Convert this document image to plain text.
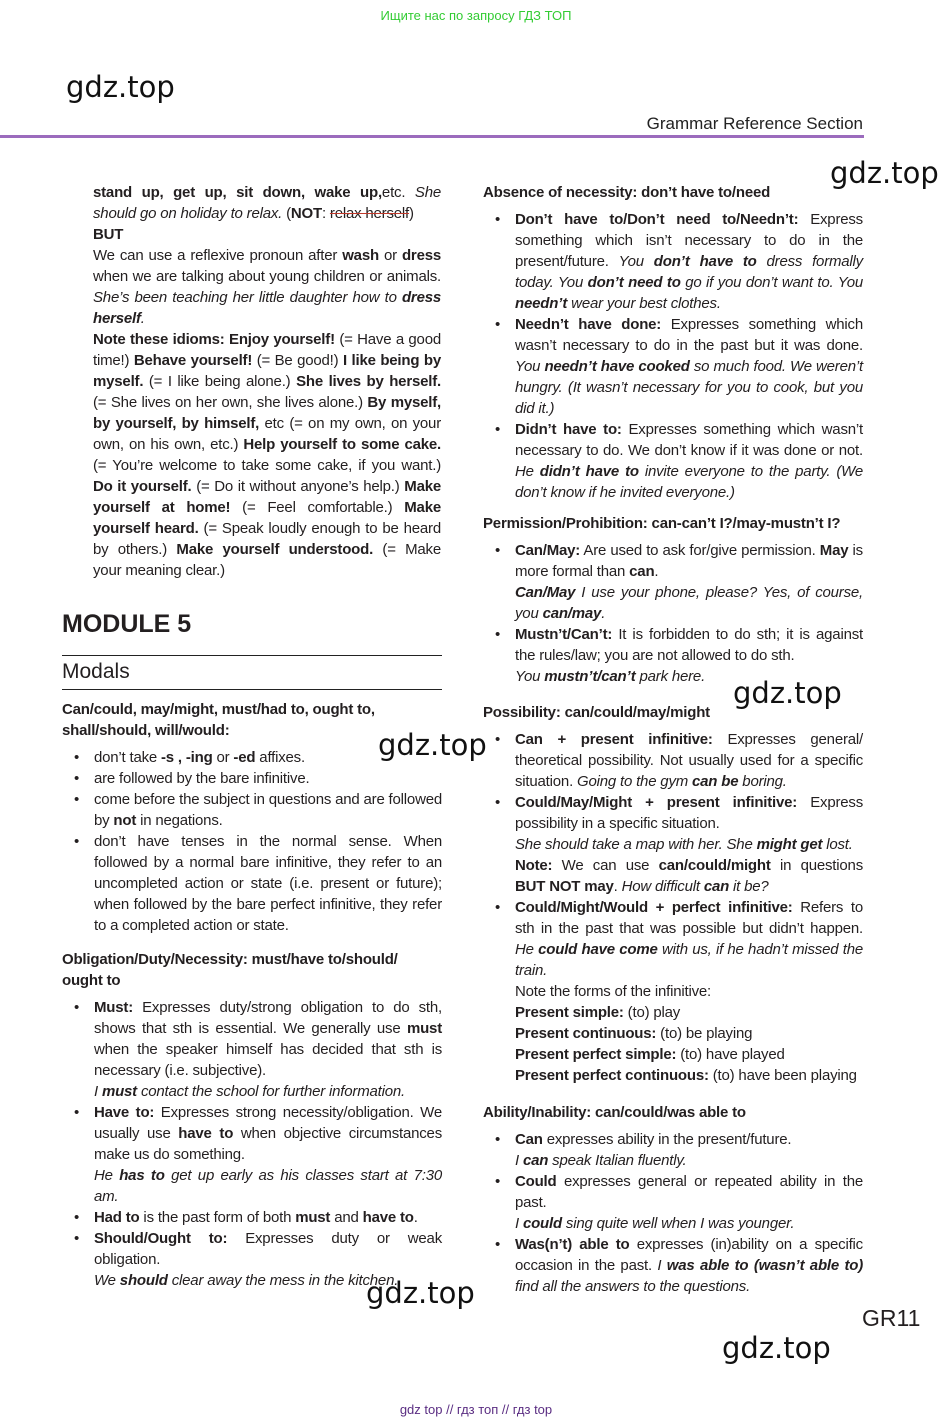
Ищите нас по запросу ГДЗ ТОП
gdz.top
Grammar Reference Section
stand up, get up, sit down, wake up,etc. She should go on holiday to relax. (NOT: relax herself)
BUT
We can use a reflexive pronoun after wash or dress when we are talking about young children or animals. She’s been teaching her little daughter how to dress herself.
Note these idioms: Enjoy yourself! (= Have a good time!) Behave yourself! (= Be good!) I like being by myself. (= I like being alone.) She lives by herself. (= She lives on her own, she lives alone.) By myself, by yourself, by himself, etc (= on my own, on your own, on his own, etc.) Help yourself to some cake. (= You’re welcome to take some cake, if you want.) Do it yourself. (= Do it without anyone’s help.) Make yourself at home! (= Feel comfortable.) Make yourself heard. (= Speak loudly enough to be heard by others.) Make yourself understood. (= Make your meaning clear.)
MODULE 5
Modals
Can/could, may/might, must/had to, ought to, shall/should, will/would:
• don’t take -s , -ing or -ed affixes.
• are followed by the bare infinitive.
• come before the subject in questions and are followed by not in negations.
• don’t have tenses in the normal sense. When followed by a normal bare infinitive, they refer to an uncompleted action or state (i.e. present or future); when followed by the bare perfect infinitive, they refer to a completed action or state.
Obligation/Duty/Necessity: must/have to/should/ ought to
• Must: Expresses duty/strong obligation to do sth, shows that sth is essential. We generally use must when the speaker himself has decided that sth is necessary (i.e. subjective).
I must contact the school for further information.
• Have to: Expresses strong necessity/obligation. We usually use have to when objective circumstances make us do something.
He has to get up early as his classes start at 7:30 am.
• Had to is the past form of both must and have to.
• Should/Ought to: Expresses duty or weak obligation.
We should clear away the mess in the kitchen.
Absence of necessity: don’t have to/need
• Don’t have to/Don’t need to/Needn’t: Express something which isn’t necessary to do in the present/future. You don’t have to dress formally today. You don’t need to go if you don’t want to. You needn’t wear your best clothes.
• Needn’t have done: Expresses something which wasn’t necessary to do in the past but it was done. You needn’t have cooked so much food. We weren’t hungry. (It wasn’t necessary for you to cook, but you did it.)
• Didn’t have to: Expresses something which wasn’t necessary to do. We don’t know if it was done or not. He didn’t have to invite everyone to the party. (We don’t know if he invited everyone.)
Permission/Prohibition: can-can’t I?/may-mustn’t I?
• Can/May: Are used to ask for/give permission. May is more formal than can.
Can/May I use your phone, please? Yes, of course, you can/may.
• Mustn’t/Can’t: It is forbidden to do sth; it is against the rules/law; you are not allowed to do sth.
You mustn’t/can’t park here.
Possibility: can/could/may/might
• Can + present infinitive: Expresses general/ theoretical possibility. Not usually used for a specific situation. Going to the gym can be boring.
• Could/May/Might + present infinitive: Express possibility in a specific situation.
She should take a map with her. She might get lost.
Note: We can use can/could/might in questions BUT NOT may. How difficult can it be?
• Could/Might/Would + perfect infinitive: Refers to sth in the past that was possible but didn’t happen. He could have come with us, if he hadn’t missed the train.
Note the forms of the infinitive:
Present simple: (to) play
Present continuous: (to) be playing
Present perfect simple: (to) have played
Present perfect continuous: (to) have been playing
Ability/Inability: can/could/was able to
• Can expresses ability in the present/future.
I can speak Italian fluently.
• Could expresses general or repeated ability in the past.
I could sing quite well when I was younger.
• Was(n’t) able to expresses (in)ability on a specific occasion in the past. I was able to (wasn’t able to) find all the answers to the questions.
gdz.top
gdz.top
gdz.top
gdz.top
gdz.top
GR11
gdz top // гдз топ // гдз top
